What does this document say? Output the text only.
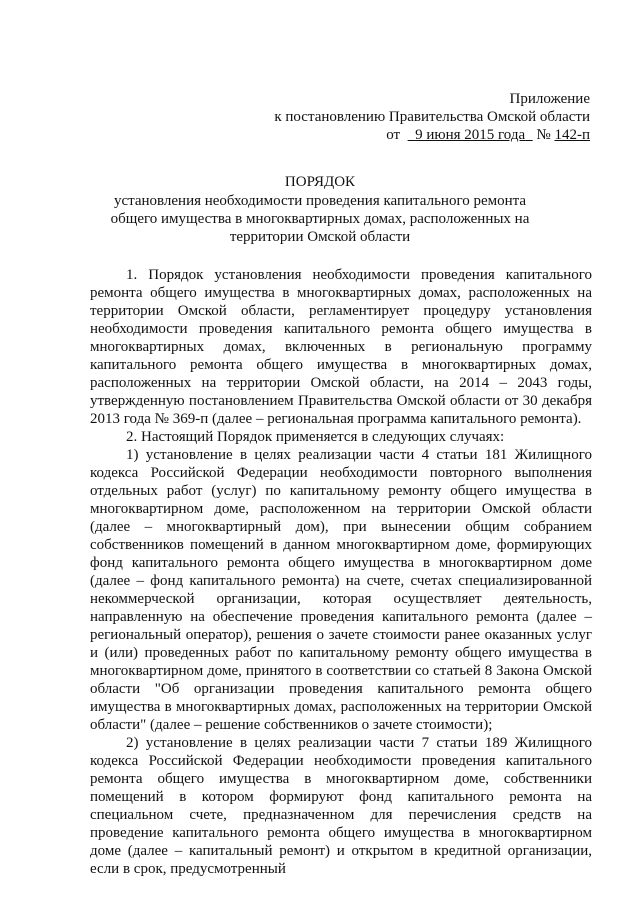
Приложение
к постановлению Правительства Омской области
от 9 июня 2015 года № 142-п
ПОРЯДОК
установления необходимости проведения капитального ремонта общего имущества в многоквартирных домах, расположенных на территории Омской области

1. Порядок установления необходимости проведения капитального ремонта общего имущества в многоквартирных домах, расположенных на территории Омской области, регламентирует процедуру установления необходимости проведения капитального ремонта общего имущества в многоквартирных домах, включенных в региональную программу капитального ремонта общего имущества в многоквартирных домах, расположенных на территории Омской области, на 2014 – 2043 годы, утвержденную постановлением Правительства Омской области от 30 декабря 2013 года № 369-п (далее – региональная программа капитального ремонта).

2. Настоящий Порядок применяется в следующих случаях:

1) установление в целях реализации части 4 статьи 181 Жилищного кодекса Российской Федерации необходимости повторного выполнения отдельных работ (услуг) по капитальному ремонту общего имущества в многоквартирном доме, расположенном на территории Омской области (далее – многоквартирный дом), при вынесении общим собранием собственников помещений в данном многоквартирном доме, формирующих фонд капитального ремонта общего имущества в многоквартирном доме (далее – фонд капитального ремонта) на счете, счетах специализированной некоммерческой организации, которая осуществляет деятельность, направленную на обеспечение проведения капитального ремонта (далее – региональный оператор), решения о зачете стоимости ранее оказанных услуг и (или) проведенных работ по капитальному ремонту общего имущества в многоквартирном доме, принятого в соответствии со статьей 8 Закона Омской области "Об организации проведения капитального ремонта общего имущества в многоквартирных домах, расположенных на территории Омской области" (далее – решение собственников о зачете стоимости);

2) установление в целях реализации части 7 статьи 189 Жилищного кодекса Российской Федерации необходимости проведения капитального ремонта общего имущества в многоквартирном доме, собственники помещений в котором формируют фонд капитального ремонта на специальном счете, предназначенном для перечисления средств на проведение капитального ремонта общего имущества в многоквартирном доме (далее – капитальный ремонт) и открытом в кредитной организации, если в срок, предусмотренный
